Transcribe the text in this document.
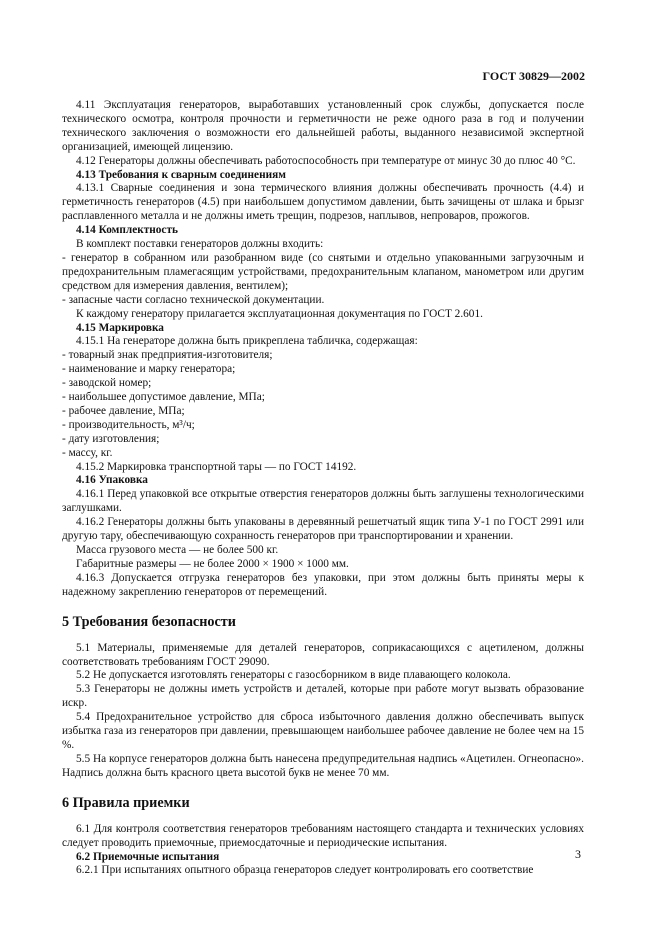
ГОСТ 30829—2002

4.11 Эксплуатация генераторов, выработавших установленный срок службы, допускается после технического осмотра, контроля прочности и герметичности не реже одного раза в год и получении технического заключения о возможности его дальнейшей работы, выданного независимой экспертной организацией, имеющей лицензию.

4.12 Генераторы должны обеспечивать работоспособность при температуре от минус 30 до плюс 40 °С.

4.13 Требования к сварным соединениям

4.13.1 Сварные соединения и зона термического влияния должны обеспечивать прочность (4.4) и герметичность генераторов (4.5) при наибольшем допустимом давлении, быть зачищены от шлака и брызг расплавленного металла и не должны иметь трещин, подрезов, наплывов, непроваров, прожогов.

4.14 Комплектность

В комплект поставки генераторов должны входить:

- генератор в собранном или разобранном виде (со снятыми и отдельно упакованными загрузочным и предохранительным пламегасящим устройствами, предохранительным клапаном, манометром или другим средством для измерения давления, вентилем);

- запасные части согласно технической документации.

К каждому генератору прилагается эксплуатационная документация по ГОСТ 2.601.

4.15 Маркировка

4.15.1 На генераторе должна быть прикреплена табличка, содержащая:

- товарный знак предприятия-изготовителя;

- наименование и марку генератора;

- заводской номер;

- наибольшее допустимое давление, МПа;

- рабочее давление, МПа;

- производительность, м³/ч;

- дату изготовления;

- массу, кг.

4.15.2 Маркировка транспортной тары — по ГОСТ 14192.

4.16 Упаковка

4.16.1 Перед упаковкой все открытые отверстия генераторов должны быть заглушены технологическими заглушками.

4.16.2 Генераторы должны быть упакованы в деревянный решетчатый ящик типа У-1 по ГОСТ 2991 или другую тару, обеспечивающую сохранность генераторов при транспортировании и хранении.

Масса грузового места — не более 500 кг.

Габаритные размеры — не более 2000 × 1900 × 1000 мм.

4.16.3 Допускается отгрузка генераторов без упаковки, при этом должны быть приняты меры к надежному закреплению генераторов от перемещений.

5 Требования безопасности

5.1 Материалы, применяемые для деталей генераторов, соприкасающихся с ацетиленом, должны соответствовать требованиям ГОСТ 29090.

5.2 Не допускается изготовлять генераторы с газосборником в виде плавающего колокола.

5.3 Генераторы не должны иметь устройств и деталей, которые при работе могут вызвать образование искр.

5.4 Предохранительное устройство для сброса избыточного давления должно обеспечивать выпуск избытка газа из генераторов при давлении, превышающем наибольшее рабочее давление не более чем на 15 %.

5.5 На корпусе генераторов должна быть нанесена предупредительная надпись «Ацетилен. Огнеопасно». Надпись должна быть красного цвета высотой букв не менее 70 мм.

6 Правила приемки

6.1 Для контроля соответствия генераторов требованиям настоящего стандарта и технических условиях следует проводить приемочные, приемосдаточные и периодические испытания.

6.2 Приемочные испытания

6.2.1 При испытаниях опытного образца генераторов следует контролировать его соответствие

3
